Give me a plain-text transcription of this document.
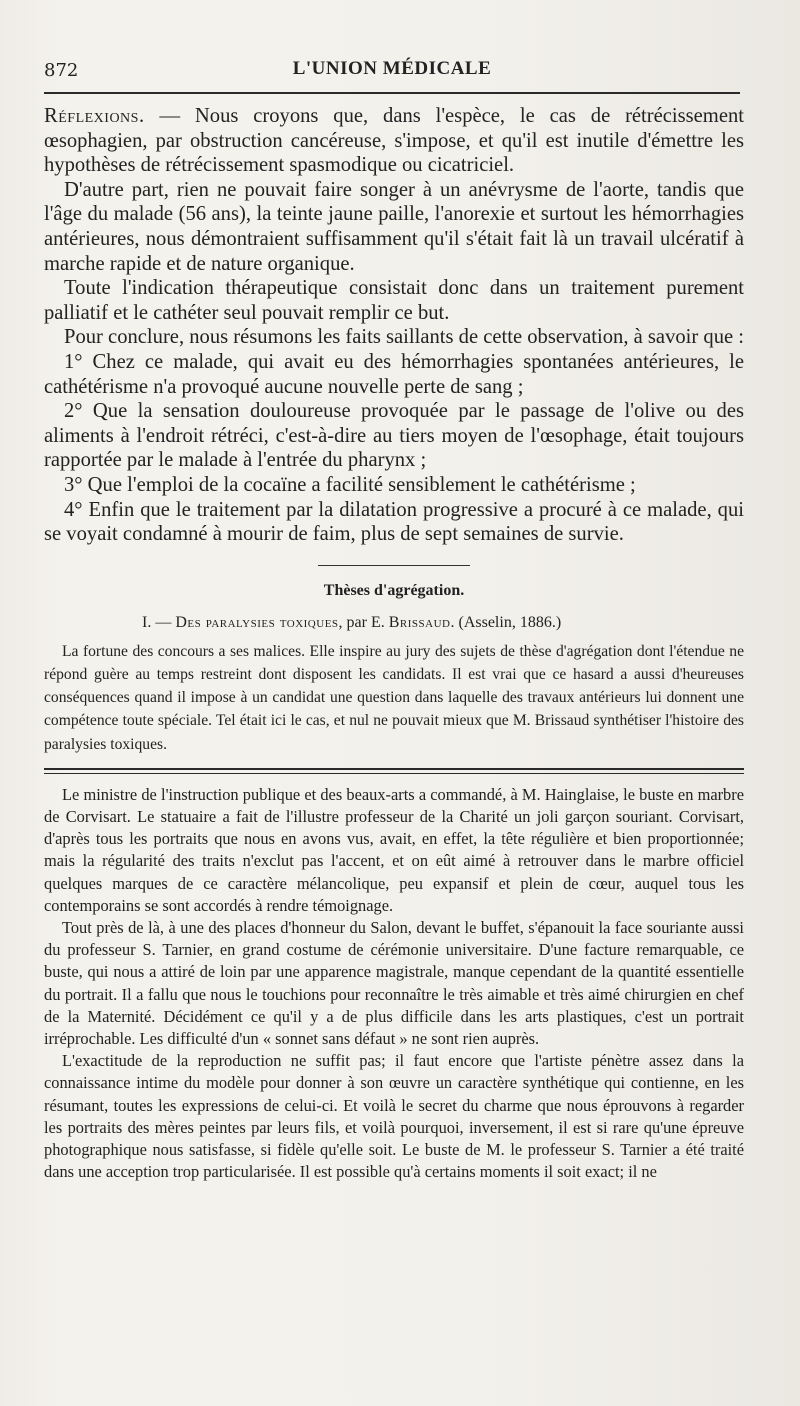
872	L'UNION MÉDICALE

Réflexions. — Nous croyons que, dans l'espèce, le cas de rétrécissement œsophagien, par obstruction cancéreuse, s'impose, et qu'il est inutile d'émettre les hypothèses de rétrécissement spasmodique ou cicatriciel.

D'autre part, rien ne pouvait faire songer à un anévrysme de l'aorte, tandis que l'âge du malade (56 ans), la teinte jaune paille, l'anorexie et surtout les hémorrhagies antérieures, nous démontraient suffisamment qu'il s'était fait là un travail ulcératif à marche rapide et de nature organique.

Toute l'indication thérapeutique consistait donc dans un traitement purement palliatif et le cathéter seul pouvait remplir ce but.

Pour conclure, nous résumons les faits saillants de cette observation, à savoir que :

1° Chez ce malade, qui avait eu des hémorrhagies spontanées antérieures, le cathétérisme n'a provoqué aucune nouvelle perte de sang ;

2° Que la sensation douloureuse provoquée par le passage de l'olive ou des aliments à l'endroit rétréci, c'est-à-dire au tiers moyen de l'œsophage, était toujours rapportée par le malade à l'entrée du pharynx ;

3° Que l'emploi de la cocaïne a facilité sensiblement le cathétérisme ;

4° Enfin que le traitement par la dilatation progressive a procuré à ce malade, qui se voyait condamné à mourir de faim, plus de sept semaines de survie.

Thèses d'agrégation.

I. — Des paralysies toxiques, par E. Brissaud. (Asselin, 1886.)

La fortune des concours a ses malices. Elle inspire au jury des sujets de thèse d'agrégation dont l'étendue ne répond guère au temps restreint dont disposent les candidats. Il est vrai que ce hasard a aussi d'heureuses conséquences quand il impose à un candidat une question dans laquelle des travaux antérieurs lui donnent une compétence toute spéciale. Tel était ici le cas, et nul ne pouvait mieux que M. Brissaud synthétiser l'histoire des paralysies toxiques.

Le ministre de l'instruction publique et des beaux-arts a commandé, à M. Hainglaise, le buste en marbre de Corvisart. Le statuaire a fait de l'illustre professeur de la Charité un joli garçon souriant. Corvisart, d'après tous les portraits que nous en avons vus, avait, en effet, la tête régulière et bien proportionnée; mais la régularité des traits n'exclut pas l'accent, et on eût aimé à retrouver dans le marbre officiel quelques marques de ce caractère mélancolique, peu expansif et plein de cœur, auquel tous les contemporains se sont accordés à rendre témoignage.

Tout près de là, à une des places d'honneur du Salon, devant le buffet, s'épanouit la face souriante aussi du professeur S. Tarnier, en grand costume de cérémonie universitaire. D'une facture remarquable, ce buste, qui nous a attiré de loin par une apparence magistrale, manque cependant de la quantité essentielle du portrait. Il a fallu que nous le touchions pour reconnaître le très aimable et très aimé chirurgien en chef de la Maternité. Décidément ce qu'il y a de plus difficile dans les arts plastiques, c'est un portrait irréprochable. Les difficulté d'un « sonnet sans défaut » ne sont rien auprès.

L'exactitude de la reproduction ne suffit pas; il faut encore que l'artiste pénètre assez dans la connaissance intime du modèle pour donner à son œuvre un caractère synthétique qui contienne, en les résumant, toutes les expressions de celui-ci. Et voilà le secret du charme que nous éprouvons à regarder les portraits des mères peintes par leurs fils, et voilà pourquoi, inversement, il est si rare qu'une épreuve photographique nous satisfasse, si fidèle qu'elle soit. Le buste de M. le professeur S. Tarnier a été traité dans une acception trop particularisée. Il est possible qu'à certains moments il soit exact; il ne
